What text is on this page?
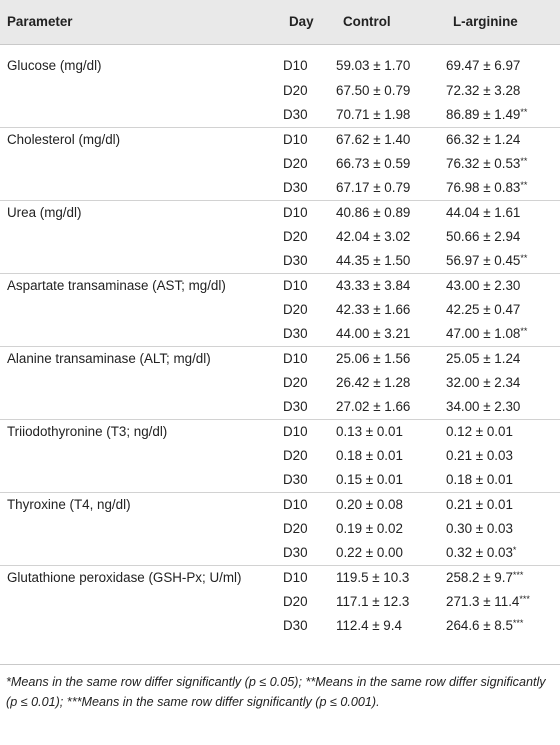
Parameter	Day	Control	L-arginine
Glucose (mg/dl)	D10	59.03 ± 1.70	69.47 ± 6.97
	D20	67.50 ± 0.79	72.32 ± 3.28
	D30	70.71 ± 1.98	86.89 ± 1.49**
Cholesterol (mg/dl)	D10	67.62 ± 1.40	66.32 ± 1.24
	D20	66.73 ± 0.59	76.32 ± 0.53**
	D30	67.17 ± 0.79	76.98 ± 0.83**
Urea (mg/dl)	D10	40.86 ± 0.89	44.04 ± 1.61
	D20	42.04 ± 3.02	50.66 ± 2.94
	D30	44.35 ± 1.50	56.97 ± 0.45**
Aspartate transaminase (AST; mg/dl)	D10	43.33 ± 3.84	43.00 ± 2.30
	D20	42.33 ± 1.66	42.25 ± 0.47
	D30	44.00 ± 3.21	47.00 ± 1.08**
Alanine transaminase (ALT; mg/dl)	D10	25.06 ± 1.56	25.05 ± 1.24
	D20	26.42 ± 1.28	32.00 ± 2.34
	D30	27.02 ± 1.66	34.00 ± 2.30
Triiodothyronine (T3; ng/dl)	D10	0.13 ± 0.01	0.12 ± 0.01
	D20	0.18 ± 0.01	0.21 ± 0.03
	D30	0.15 ± 0.01	0.18 ± 0.01
Thyroxine (T4, ng/dl)	D10	0.20 ± 0.08	0.21 ± 0.01
	D20	0.19 ± 0.02	0.30 ± 0.03
	D30	0.22 ± 0.00	0.32 ± 0.03*
Glutathione peroxidase (GSH-Px; U/ml)	D10	119.5 ± 10.3	258.2 ± 9.7***
	D20	117.1 ± 12.3	271.3 ± 11.4***
	D30	112.4 ± 9.4	264.6 ± 8.5***
*Means in the same row differ significantly (p ≤ 0.05); **Means in the same row differ significantly (p ≤ 0.01); ***Means in the same row differ significantly (p ≤ 0.001).
